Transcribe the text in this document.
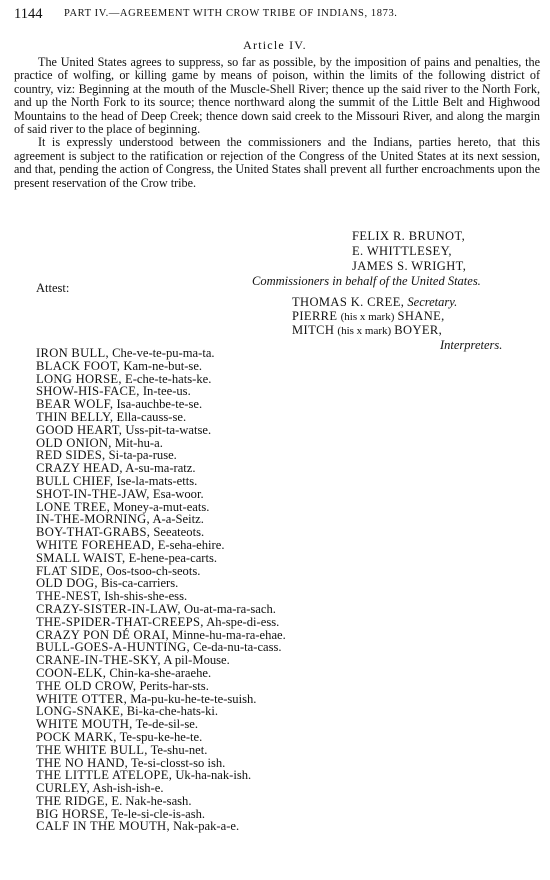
1144 PART IV.—AGREEMENT WITH CROW TRIBE OF INDIANS, 1873.
Article IV.

The United States agrees to suppress, so far as possible, by the imposition of pains and penalties, the practice of wolfing, or killing game by means of poison, within the limits of the following district of country, viz: Beginning at the mouth of the Muscle-Shell River; thence up the said river to the North Fork, and up the North Fork to its source; thence northward along the summit of the Little Belt and Highwood Mountains to the head of Deep Creek; thence down said creek to the Missouri River, and along the margin of said river to the place of beginning.

It is expressly understood between the commissioners and the Indians, parties hereto, that this agreement is subject to the ratification or rejection of the Congress of the United States at its next session, and that, pending the action of Congress, the United States shall prevent all further encroachments upon the present reservation of the Crow tribe.

FELIX R. BRUNOT,
E. WHITTLESEY,
JAMES S. WRIGHT,
Commissioners in behalf of the United States.
Attest:
THOMAS K. CREE, Secretary.
PIERRE (his x mark) SHANE,
MITCH (his x mark) BOYER,
Interpreters.
IRON BULL, Che-ve-te-pu-ma-ta.
BLACK FOOT, Kam-ne-but-se.
LONG HORSE, E-che-te-hats-ke.
SHOW-HIS-FACE, In-tee-us.
BEAR WOLF, Isa-auchbe-te-se.
THIN BELLY, Ella-causs-se.
GOOD HEART, Uss-pit-ta-watse.
OLD ONION, Mit-hu-a.
RED SIDES, Si-ta-pa-ruse.
CRAZY HEAD, A-su-ma-ratz.
BULL CHIEF, Ise-la-mats-etts.
SHOT-IN-THE-JAW, Esa-woor.
LONE TREE, Money-a-mut-eats.
IN-THE-MORNING, A-a-Seitz.
BOY-THAT-GRABS, Seeateots.
WHITE FOREHEAD, E-seha-ehire.
SMALL WAIST, E-hene-pea-carts.
FLAT SIDE, Oos-tsoo-ch-seots.
OLD DOG, Bis-ca-carriers.
THE-NEST, Ish-shis-she-ess.
CRAZY-SISTER-IN-LAW, Ou-at-ma-ra-sach.
THE-SPIDER-THAT-CREEPS, Ah-spe-di-ess.
CRAZY PON DÉ ORAI, Minne-hu-ma-ra-ehae.
BULL-GOES-A-HUNTING, Ce-da-nu-ta-cass.
CRANE-IN-THE-SKY, A pil-Mouse.
COON-ELK, Chin-ka-she-araehe.
THE OLD CROW, Perits-har-sts.
WHITE OTTER, Ma-pu-ku-he-te-te-suish.
LONG-SNAKE, Bi-ka-che-hats-ki.
WHITE MOUTH, Te-de-sil-se.
POCK MARK, Te-spu-ke-he-te.
THE WHITE BULL, Te-shu-net.
THE NO HAND, Te-si-closst-so ish.
THE LITTLE ATELOPE, Uk-ha-nak-ish.
CURLEY, Ash-ish-ish-e.
THE RIDGE, E. Nak-he-sash.
BIG HORSE, Te-le-si-cle-is-ash.
CALF IN THE MOUTH, Nak-pak-a-e.
